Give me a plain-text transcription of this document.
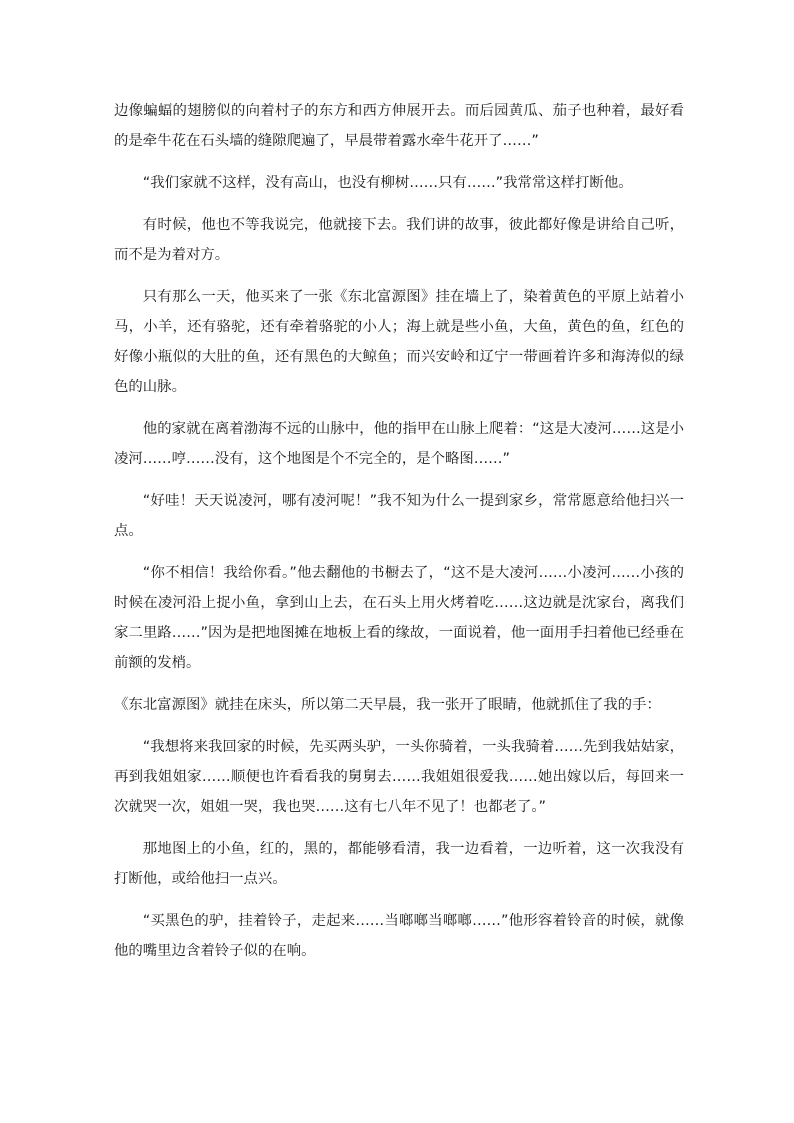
边像蝙蝠的翅膀似的向着村子的东方和西方伸展开去。而后园黄瓜、茄子也种着，最好看的是牵牛花在石头墙的缝隙爬遍了，早晨带着露水牵牛花开了……”

“我们家就不这样，没有高山，也没有柳树……只有……”我常常这样打断他。

有时候，他也不等我说完，他就接下去。我们讲的故事，彼此都好像是讲给自己听，而不是为着对方。

只有那么一天，他买来了一张《东北富源图》挂在墙上了，染着黄色的平原上站着小马，小羊，还有骆驼，还有牵着骆驼的小人；海上就是些小鱼，大鱼，黄色的鱼，红色的好像小瓶似的大肚的鱼，还有黑色的大鲸鱼；而兴安岭和辽宁一带画着许多和海涛似的绿色的山脉。

他的家就在离着渤海不远的山脉中，他的指甲在山脉上爬着：“这是大凌河……这是小凌河……哼……没有，这个地图是个不完全的，是个略图……”

“好哇！天天说凌河，哪有凌河呢！”我不知为什么一提到家乡，常常愿意给他扫兴一点。

“你不相信！我给你看。”他去翻他的书橱去了，“这不是大凌河……小凌河……小孩的时候在凌河沿上捉小鱼，拿到山上去，在石头上用火烤着吃……这边就是沈家台，离我们家二里路……”因为是把地图摊在地板上看的缘故，一面说着，他一面用手扫着他已经垂在前额的发梢。

《东北富源图》就挂在床头，所以第二天早晨，我一张开了眼睛，他就抓住了我的手：

“我想将来我回家的时候，先买两头驴，一头你骑着，一头我骑着……先到我姑姑家，再到我姐姐家……顺便也许看看我的舅舅去……我姐姐很爱我……她出嫁以后，每回来一次就哭一次，姐姐一哭，我也哭……这有七八年不见了！也都老了。”

那地图上的小鱼，红的，黑的，都能够看清，我一边看着，一边听着，这一次我没有打断他，或给他扫一点兴。

“买黑色的驴，挂着铃子，走起来……当啷啷当啷啷……”他形容着铃音的时候，就像他的嘴里边含着铃子似的在响。
